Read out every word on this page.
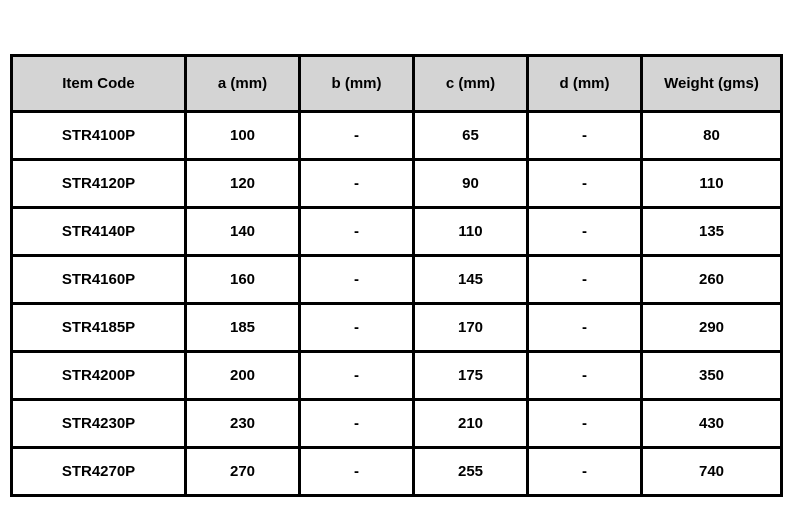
Item Code	a (mm)	b (mm)	c (mm)	d (mm)	Weight (gms)
STR4100P	100	-	65	-	80
STR4120P	120	-	90	-	110
STR4140P	140	-	110	-	135
STR4160P	160	-	145	-	260
STR4185P	185	-	170	-	290
STR4200P	200	-	175	-	350
STR4230P	230	-	210	-	430
STR4270P	270	-	255	-	740
